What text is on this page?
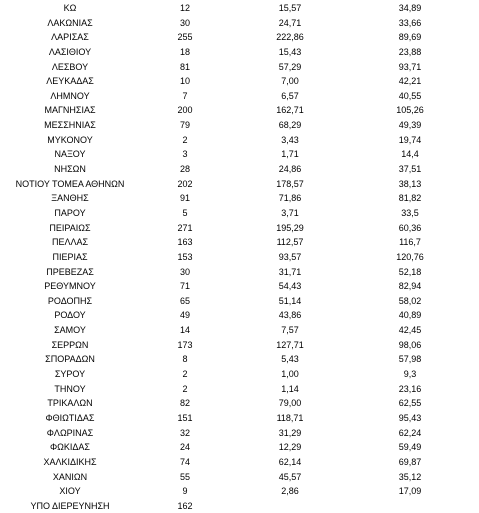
ΚΩ	12	15,57	34,89
ΛΑΚΩΝΙΑΣ	30	24,71	33,66
ΛΑΡΙΣΑΣ	255	222,86	89,69
ΛΑΣΙΘΙΟΥ	18	15,43	23,88
ΛΕΣΒΟΥ	81	57,29	93,71
ΛΕΥΚΑΔΑΣ	10	7,00	42,21
ΛΗΜΝΟΥ	7	6,57	40,55
ΜΑΓΝΗΣΙΑΣ	200	162,71	105,26
ΜΕΣΣΗΝΙΑΣ	79	68,29	49,39
ΜΥΚΟΝΟΥ	2	3,43	19,74
ΝΑΞΟΥ	3	1,71	14,4
ΝΗΣΩΝ	28	24,86	37,51
ΝΟΤΙΟΥ ΤΟΜΕΑ ΑΘΗΝΩΝ	202	178,57	38,13
ΞΑΝΘΗΣ	91	71,86	81,82
ΠΑΡΟΥ	5	3,71	33,5
ΠΕΙΡΑΙΩΣ	271	195,29	60,36
ΠΕΛΛΑΣ	163	112,57	116,7
ΠΙΕΡΙΑΣ	153	93,57	120,76
ΠΡΕΒΕΖΑΣ	30	31,71	52,18
ΡΕΘΥΜΝΟΥ	71	54,43	82,94
ΡΟΔΟΠΗΣ	65	51,14	58,02
ΡΟΔΟΥ	49	43,86	40,89
ΣΑΜΟΥ	14	7,57	42,45
ΣΕΡΡΩΝ	173	127,71	98,06
ΣΠΟΡΑΔΩΝ	8	5,43	57,98
ΣΥΡΟΥ	2	1,00	9,3
ΤΗΝΟΥ	2	1,14	23,16
ΤΡΙΚΑΛΩΝ	82	79,00	62,55
ΦΘΙΩΤΙΔΑΣ	151	118,71	95,43
ΦΛΩΡΙΝΑΣ	32	31,29	62,24
ΦΩΚΙΔΑΣ	24	12,29	59,49
ΧΑΛΚΙΔΙΚΗΣ	74	62,14	69,87
ΧΑΝΙΩΝ	55	45,57	35,12
ΧΙΟΥ	9	2,86	17,09
ΥΠΟ ΔΙΕΡΕΥΝΗΣΗ	162
